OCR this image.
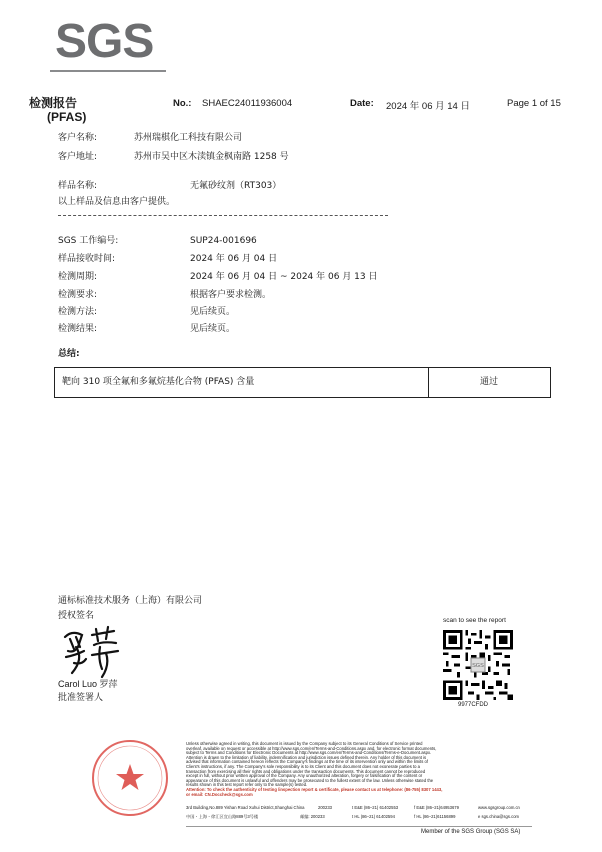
SGS
检测报告
(PFAS)
No.: SHAEC24011936004	Date: 2024 年 06 月 14 日	Page 1 of 15
客户名称:	苏州瑞棋化工科技有限公司
客户地址:	苏州市吴中区木渎镇金枫南路 1258 号
样品名称:	无氟砂纹剂（RT303）
以上样品及信息由客户提供。
SGS 工作编号:	SUP24-001696
样品接收时间:	2024 年 06 月 04 日
检测周期:	2024 年 06 月 04 日 ~ 2024 年 06 月 13 日
检测要求:	根据客户要求检测。
检测方法:	见后续页。
检测结果:	见后续页。
总结:
靶向 310 项全氟和多氟烷基化合物 (PFAS) 含量	通过
通标标准技术服务（上海）有限公司
授权签名
Carol Luo 罗萍
批准签署人
scan to see the report
SGS
9977CFDD
Unless otherwise agreed in writing, this document is issued by the Company subject to its General Conditions of Service printed
overleaf, available on request or accessible at http://www.sgs.com/en/Terms-and-Conditions.aspx and, for electronic format documents,
subject to Terms and Conditions for Electronic Documents at http://www.sgs.com/en/Terms-and-Conditions/Terms-e-Document.aspx.
Attention is drawn to the limitation of liability, indemnification and jurisdiction issues defined therein. Any holder of this document is
advised that information contained hereon reflects the Company's findings at the time of its intervention only and within the limits of
Client's instructions, if any. The Company's sole responsibility is to its Client and this document does not exonerate parties to a
transaction from exercising all their rights and obligations under the transaction documents. This document cannot be reproduced
except in full, without prior written approval of the Company. Any unauthorized alteration, forgery or falsification of the content or
appearance of this document is unlawful and offenders may be prosecuted to the fullest extent of the law. Unless otherwise stated the
results shown in this test report refer only to the sample(s) tested.
Attention: To check the authenticity of testing /inspection report & certificate, please contact us at telephone: (86-755) 8307 1443,
or email: CN.Doccheck@sgs.com
3rd Building,No.889 Yishan Road Xuhui District,Shanghai China	200233	t E&E (86–21) 61402553	f E&E (86–21)64953679	www.sgsgroup.com.cn
中国・上海・徐汇区宜山路889号3号楼	邮编: 200233	t HL (86–21) 61402594	f HL (86–21)61156899	e sgs.china@sgs.com
Member of the SGS Group (SGS SA)
